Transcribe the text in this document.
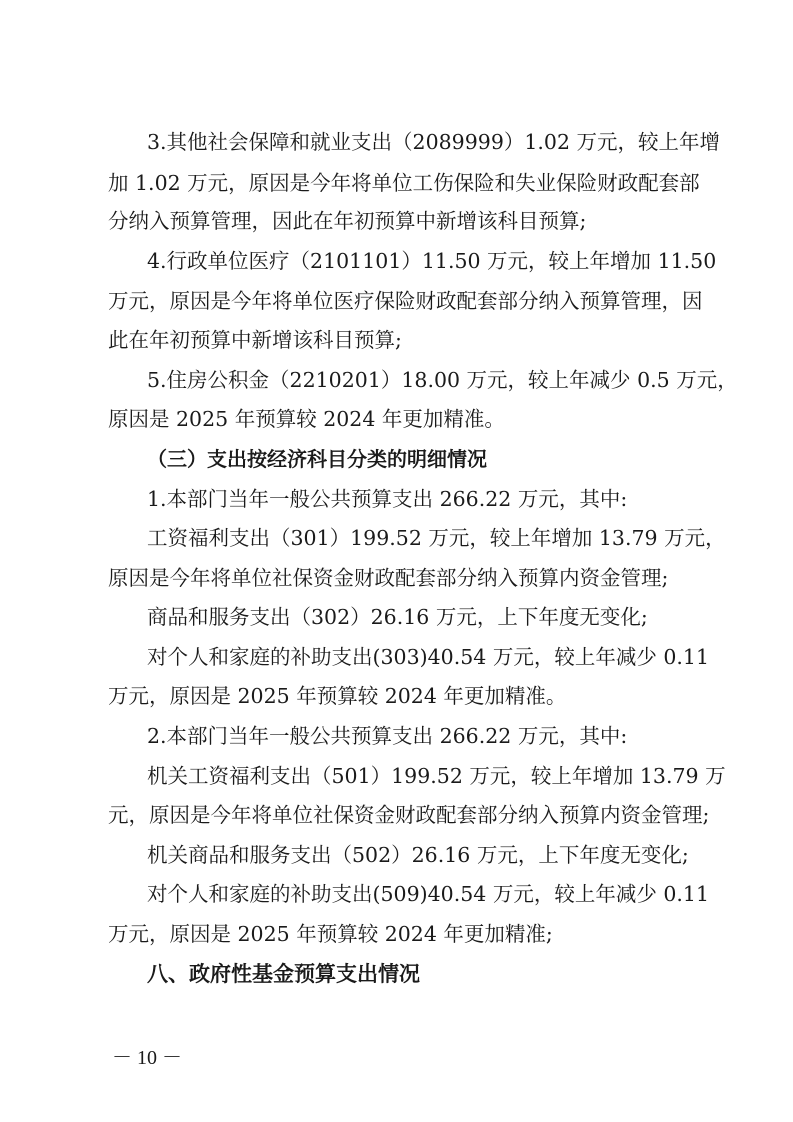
3.其他社会保障和就业支出（2089999）1.02 万元，较上年增
加 1.02 万元，原因是今年将单位工伤保险和失业保险财政配套部
分纳入预算管理，因此在年初预算中新增该科目预算;
4.行政单位医疗（2101101）11.50 万元，较上年增加 11.50
万元，原因是今年将单位医疗保险财政配套部分纳入预算管理，因
此在年初预算中新增该科目预算;
5.住房公积金（2210201）18.00 万元，较上年减少 0.5 万元，
原因是 2025 年预算较 2024 年更加精准。
（三）支出按经济科目分类的明细情况
1.本部门当年一般公共预算支出 266.22 万元，其中:
工资福利支出（301）199.52 万元，较上年增加 13.79 万元，
原因是今年将单位社保资金财政配套部分纳入预算内资金管理;
商品和服务支出（302）26.16 万元，上下年度无变化;
对个人和家庭的补助支出(303)40.54 万元，较上年减少 0.11
万元，原因是 2025 年预算较 2024 年更加精准。
2.本部门当年一般公共预算支出 266.22 万元，其中:
机关工资福利支出（501）199.52 万元，较上年增加 13.79 万
元，原因是今年将单位社保资金财政配套部分纳入预算内资金管理;
机关商品和服务支出（502）26.16 万元，上下年度无变化;
对个人和家庭的补助支出(509)40.54 万元，较上年减少 0.11
万元，原因是 2025 年预算较 2024 年更加精准;
八、政府性基金预算支出情况
－ 10 －
